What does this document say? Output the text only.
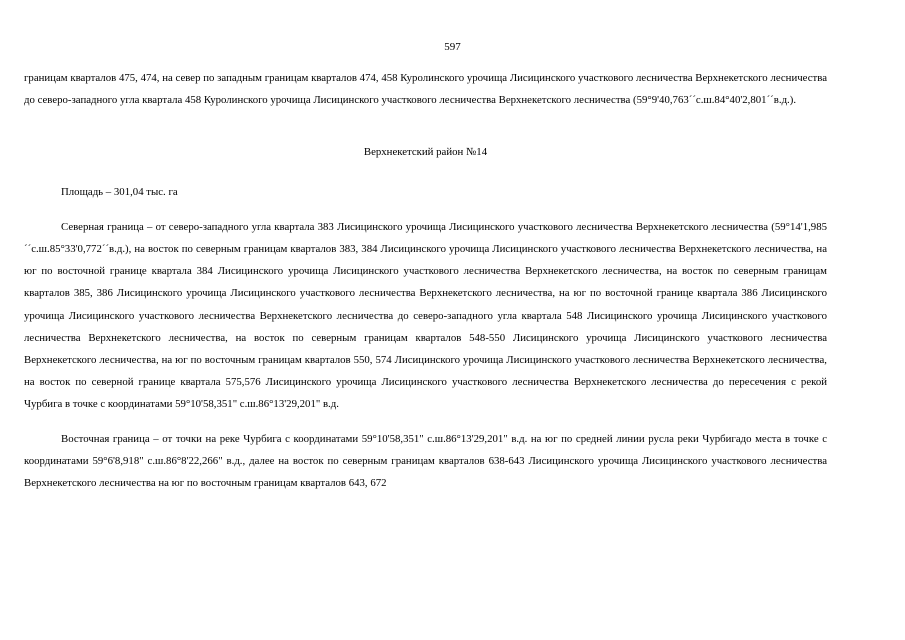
597

границам кварталов 475, 474, на север по западным границам кварталов 474, 458 Куролинского урочища Лисицинского участкового лесничества Верхнекетского лесничества до северо-западного угла квартала 458 Куролинского урочища Лисицинского участкового лесничества Верхнекетского лесничества (59°9'40,763´´с.ш.84°40'2,801´´в.д.).

Верхнекетский район №14

Площадь – 301,04 тыс. га

Северная граница – от северо-западного угла квартала 383 Лисицинского урочища Лисицинского участкового лесничества Верхнекетского лесничества (59°14'1,985´´с.ш.85°33'0,772´´в.д.), на восток по северным границам кварталов 383, 384 Лисицинского урочища Лисицинского участкового лесничества Верхнекетского лесничества, на юг по восточной границе квартала 384 Лисицинского урочища Лисицинского участкового лесничества Верхнекетского лесничества, на восток по северным границам кварталов 385, 386 Лисицинского урочища Лисицинского участкового лесничества Верхнекетского лесничества, на юг по восточной границе квартала 386 Лисицинского урочища Лисицинского участкового лесничества Верхнекетского лесничества до северо-западного угла квартала 548 Лисицинского урочища Лисицинского участкового лесничества Верхнекетского лесничества, на восток по северным границам кварталов 548-550 Лисицинского урочища Лисицинского участкового лесничества Верхнекетского лесничества, на юг по восточным границам кварталов 550, 574 Лисицинского урочища Лисицинского участкового лесничества Верхнекетского лесничества, на восток по северной границе квартала 575,576 Лисицинского урочища Лисицинского участкового лесничества Верхнекетского лесничества до пересечения с рекой Чурбига в точке с координатами 59°10'58,351" с.ш.86°13'29,201" в.д.

Восточная граница – от точки на реке Чурбига с координатами 59°10'58,351" с.ш.86°13'29,201" в.д. на юг по средней линии русла реки Чурбигадо места в точке с координатами 59°6'8,918" с.ш.86°8'22,266" в.д., далее на восток по северным границам кварталов 638-643 Лисицинского урочища Лисицинского участкового лесничества Верхнекетского лесничества на юг по восточным границам кварталов 643, 672
